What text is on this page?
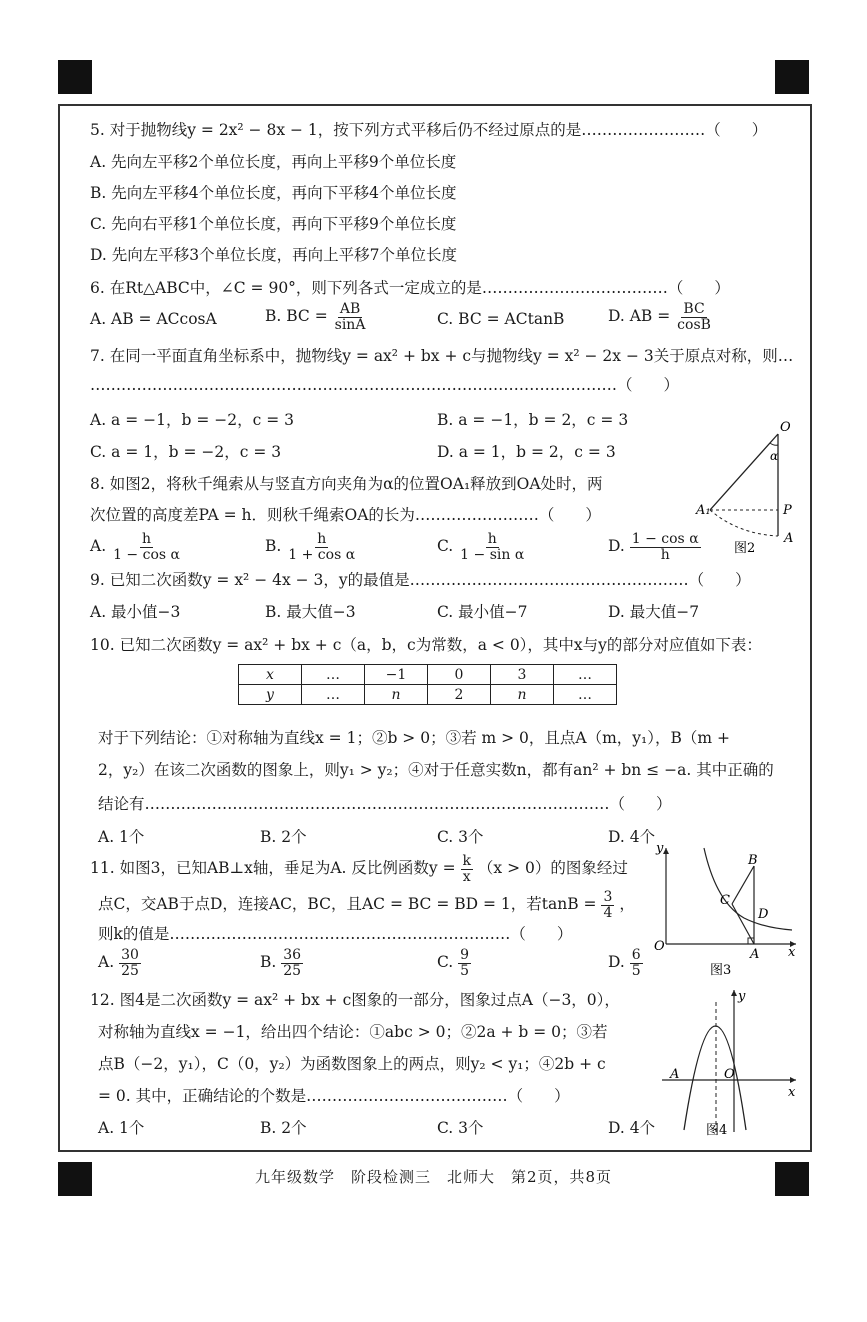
5. 对于抛物线y = 2x² − 8x − 1，按下列方式平移后仍不经过原点的是……………………（　　）
A. 先向左平移2个单位长度，再向上平移9个单位长度
B. 先向左平移4个单位长度，再向下平移4个单位长度
C. 先向右平移1个单位长度，再向下平移9个单位长度
D. 先向左平移3个单位长度，再向上平移7个单位长度
6. 在Rt△ABC中，∠C = 90°，则下列各式一定成立的是………………………………（　　）
A. AB = ACcosA	B. BC = $\frac{AB}{\sin A}$	C. BC = ACtanB	D. AB = $\frac{BC}{\cos B}$
7. 在同一平面直角坐标系中，抛物线y = ax² + bx + c与抛物线y = x² − 2x − 3关于原点对称，则…
…………………………………………………………………………………………（　　）
A. a = −1，b = −2，c = 3	B. a = −1，b = 2，c = 3
C. a = 1，b = −2，c = 3	D. a = 1，b = 2，c = 3
8. 如图2，将秋千绳索从与竖直方向夹角为α的位置OA₁释放到OA处时，两
次位置的高度差PA = h．则秋千绳索OA的长为……………………（　　）
A. $\frac{h}{\text{1 − cos α}}$	B. $\frac{h}{\text{1 + cos α}}$	C. $\frac{h}{\text{1 − sin α}}$	D. $\frac{\text{1 − cos α}}{h}$
O
α
A₁	P
A
图2
9. 已知二次函数y = x² − 4x − 3，y的最值是………………………………………………（　　）
A. 最小值−3	B. 最大值−3	C. 最小值−7	D. 最大值−7
10. 已知二次函数y = ax² + bx + c（a，b，c为常数，a < 0），其中x与y的部分对应值如下表：
x	…	−1	0	3	…
y	…	n	2	n	…
对于下列结论：①对称轴为直线x = 1；②b > 0；③若 m > 0，且点A（m，y₁），B（m +
2，y₂）在该二次函数的图象上，则y₁ > y₂；④对于任意实数n，都有an² + bn ≤ −a. 其中正确的
结论有………………………………………………………………………………（　　）
A. 1个	B. 2个	C. 3个	D. 4个
11. 如图3，已知AB⊥x轴，垂足为A. 反比例函数$y = \frac{k}{x} (x > 0)$的图象经过
点C，交AB于点D，连接AC，BC，且AC = BC = BD = 1，若$\tan B = \frac{3}{4}$ ，
则k的值是…………………………………………………………（　　）
A. $\frac{30}{25}$	B. $\frac{36}{25}$	C. $\frac{9}{5}$	D. $\frac{6}{5}$
y
B
C
D
O
A x
图3
12. 图4是二次函数y = ax² + bx + c图象的一部分，图象过点A（−3，0），
对称轴为直线x = −1，给出四个结论：①abc > 0；②2a + b = 0；③若
点B（−2，y₁），C（0，y₂）为函数图象上的两点，则y₂ < y₁；④2b + c
= 0. 其中，正确结论的个数是…………………………………（　　）
A. 1个	B. 2个	C. 3个	D. 4个
y
A	O
x
图4
九年级数学　阶段检测三　北师大　第2页，共8页
